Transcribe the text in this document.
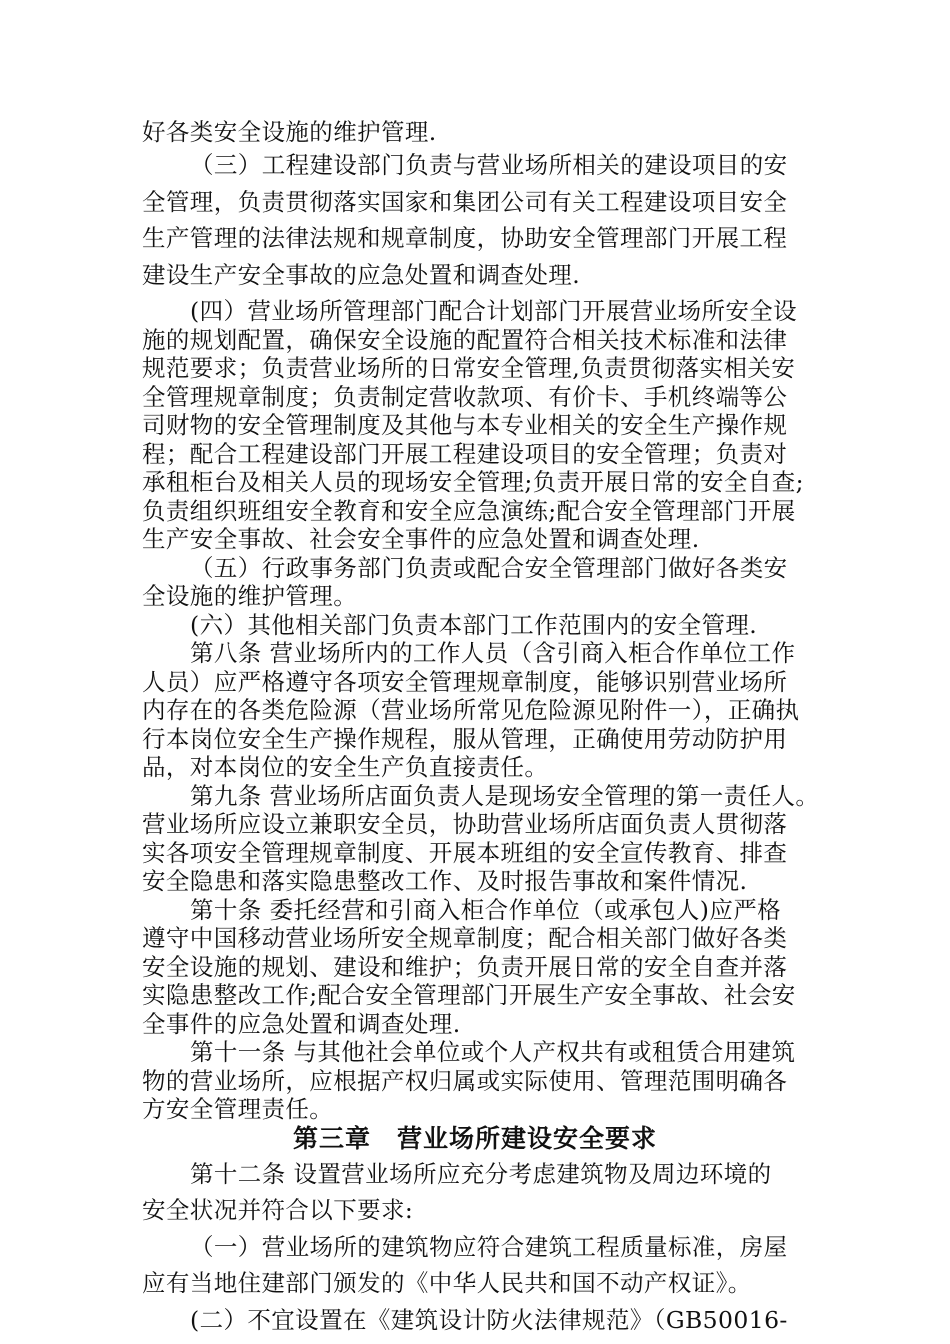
好各类安全设施的维护管理.
（三）工程建设部门负责与营业场所相关的建设项目的安
全管理，负责贯彻落实国家和集团公司有关工程建设项目安全
生产管理的法律法规和规章制度，协助安全管理部门开展工程
建设生产安全事故的应急处置和调查处理.
(四）营业场所管理部门配合计划部门开展营业场所安全设
施的规划配置，确保安全设施的配置符合相关技术标准和法律
规范要求；负责营业场所的日常安全管理,负责贯彻落实相关安
全管理规章制度；负责制定营收款项、有价卡、手机终端等公
司财物的安全管理制度及其他与本专业相关的安全生产操作规
程；配合工程建设部门开展工程建设项目的安全管理；负责对
承租柜台及相关人员的现场安全管理;负责开展日常的安全自查;
负责组织班组安全教育和安全应急演练;配合安全管理部门开展
生产安全事故、社会安全事件的应急处置和调查处理.
（五）行政事务部门负责或配合安全管理部门做好各类安
全设施的维护管理。
(六）其他相关部门负责本部门工作范围内的安全管理.
第八条 营业场所内的工作人员（含引商入柜合作单位工作
人员）应严格遵守各项安全管理规章制度，能够识别营业场所
内存在的各类危险源（营业场所常见危险源见附件一），正确执
行本岗位安全生产操作规程，服从管理，正确使用劳动防护用
品，对本岗位的安全生产负直接责任。
第九条 营业场所店面负责人是现场安全管理的第一责任人。
营业场所应设立兼职安全员，协助营业场所店面负责人贯彻落
实各项安全管理规章制度、开展本班组的安全宣传教育、排查
安全隐患和落实隐患整改工作、及时报告事故和案件情况.
第十条 委托经营和引商入柜合作单位（或承包人)应严格
遵守中国移动营业场所安全规章制度；配合相关部门做好各类
安全设施的规划、建设和维护；负责开展日常的安全自查并落
实隐患整改工作;配合安全管理部门开展生产安全事故、社会安
全事件的应急处置和调查处理.
第十一条 与其他社会单位或个人产权共有或租赁合用建筑
物的营业场所，应根据产权归属或实际使用、管理范围明确各
方安全管理责任。
第三章　营业场所建设安全要求
第十二条 设置营业场所应充分考虑建筑物及周边环境的
安全状况并符合以下要求:
（一）营业场所的建筑物应符合建筑工程质量标准，房屋
应有当地住建部门颁发的《中华人民共和国不动产权证》。
(二）不宜设置在《建筑设计防火法律规范》（GB50016-
